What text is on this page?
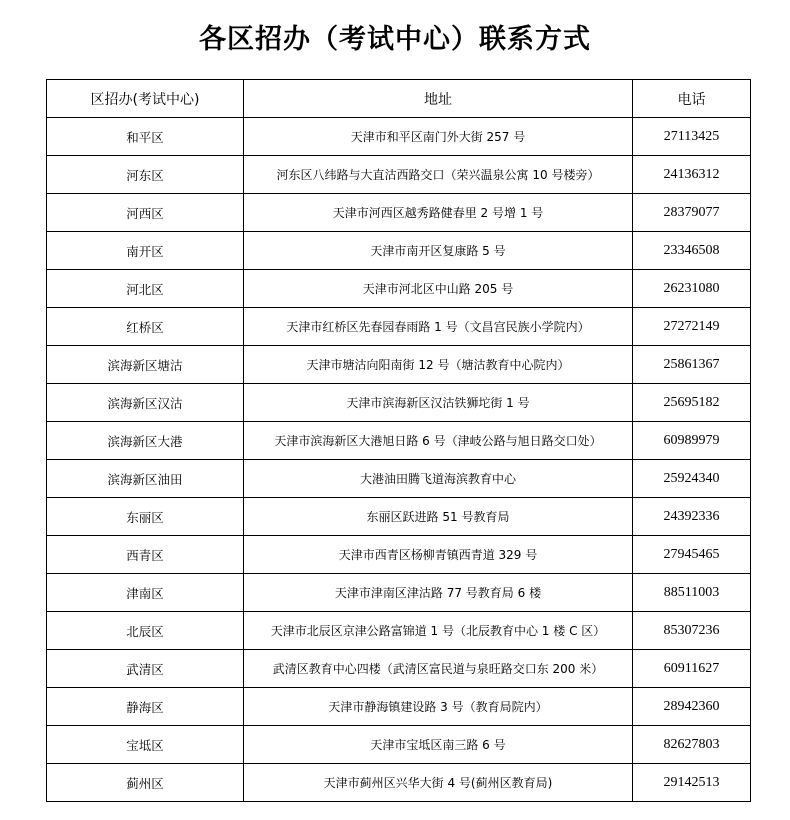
各区招办（考试中心）联系方式
区招办(考试中心)	地址	电话
和平区	天津市和平区南门外大街 257 号	27113425
河东区	河东区八纬路与大直沽西路交口（荣兴温泉公寓 10 号楼旁）	24136312
河西区	天津市河西区越秀路健春里 2 号增 1 号	28379077
南开区	天津市南开区复康路 5 号	23346508
河北区	天津市河北区中山路 205 号	26231080
红桥区	天津市红桥区先春园春雨路 1 号（文昌宫民族小学院内）	27272149
滨海新区塘沽	天津市塘沽向阳南街 12 号（塘沽教育中心院内）	25861367
滨海新区汉沽	天津市滨海新区汉沽铁狮坨街 1 号	25695182
滨海新区大港	天津市滨海新区大港旭日路 6 号（津岐公路与旭日路交口处）	60989979
滨海新区油田	大港油田腾飞道海滨教育中心	25924340
东丽区	东丽区跃进路 51 号教育局	24392336
西青区	天津市西青区杨柳青镇西青道 329 号	27945465
津南区	天津市津南区津沽路 77 号教育局 6 楼	88511003
北辰区	天津市北辰区京津公路富锦道 1 号（北辰教育中心 1 楼 C 区）	85307236
武清区	武清区教育中心四楼（武清区富民道与泉旺路交口东 200 米）	60911627
静海区	天津市静海镇建设路 3 号（教育局院内）	28942360
宝坻区	天津市宝坻区南三路 6 号	82627803
蓟州区	天津市蓟州区兴华大街 4 号(蓟州区教育局)	29142513
